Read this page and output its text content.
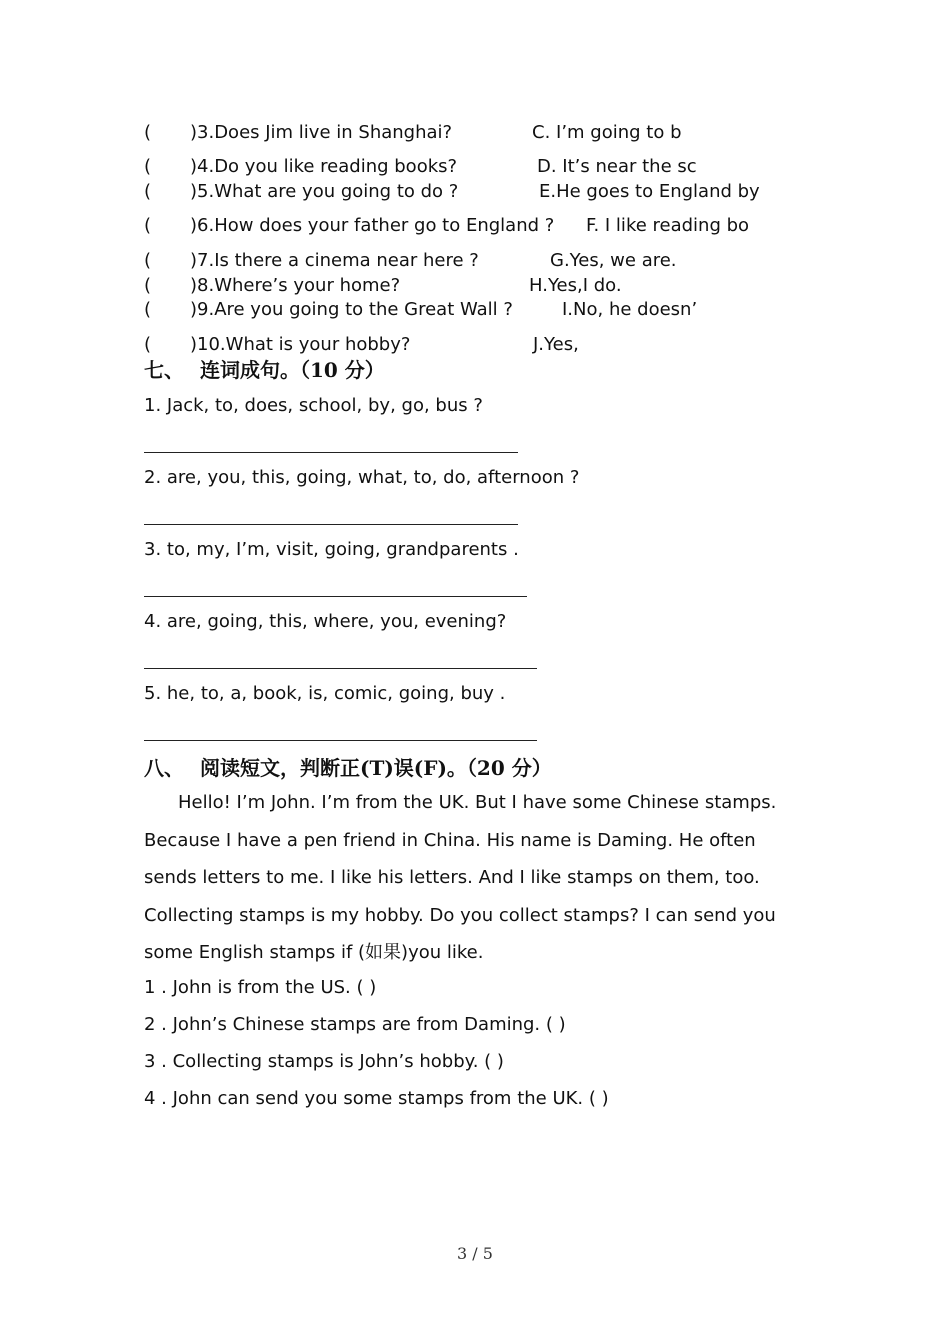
( )3.Does Jim live in Shanghai?	C. I’m going to b
( )4.Do you like reading books?	D. It’s near the sc
( )5.What are you going to do ?	E.He goes to England by
( )6.How does your father go to England ? F. I like reading bo
( )7.Is there a cinema near here ?	G.Yes, we are.
( )8.Where’s your home?	H.Yes,I do.
( )9.Are you going to the Great Wall ?	I.No, he doesn’
( )10.What is your hobby?	J.Yes,
七、 连词成句。（10 分）
1. Jack, to, does, school, by, go, bus ?
2. are, you, this, going, what, to, do, afternoon ?
3. to, my, I’m, visit, going, grandparents .
4. are, going, this, where, you, evening?
5. he, to, a, book, is, comic, going, buy .
八、 阅读短文，判断正(T)误(F)。（20 分）

Hello! I’m John. I’m from the UK. But I have some Chinese stamps. Because I have a pen friend in China. His name is Daming. He often sends letters to me. I like his letters. And I like stamps on them, too. Collecting stamps is my hobby. Do you collect stamps? I can send you some English stamps if (如果)you like.

1 . John is from the US. ( )
2 . John’s Chinese stamps are from Daming. ( )
3 . Collecting stamps is John’s hobby. ( )
4 . John can send you some stamps from the UK. ( )
3 / 5
